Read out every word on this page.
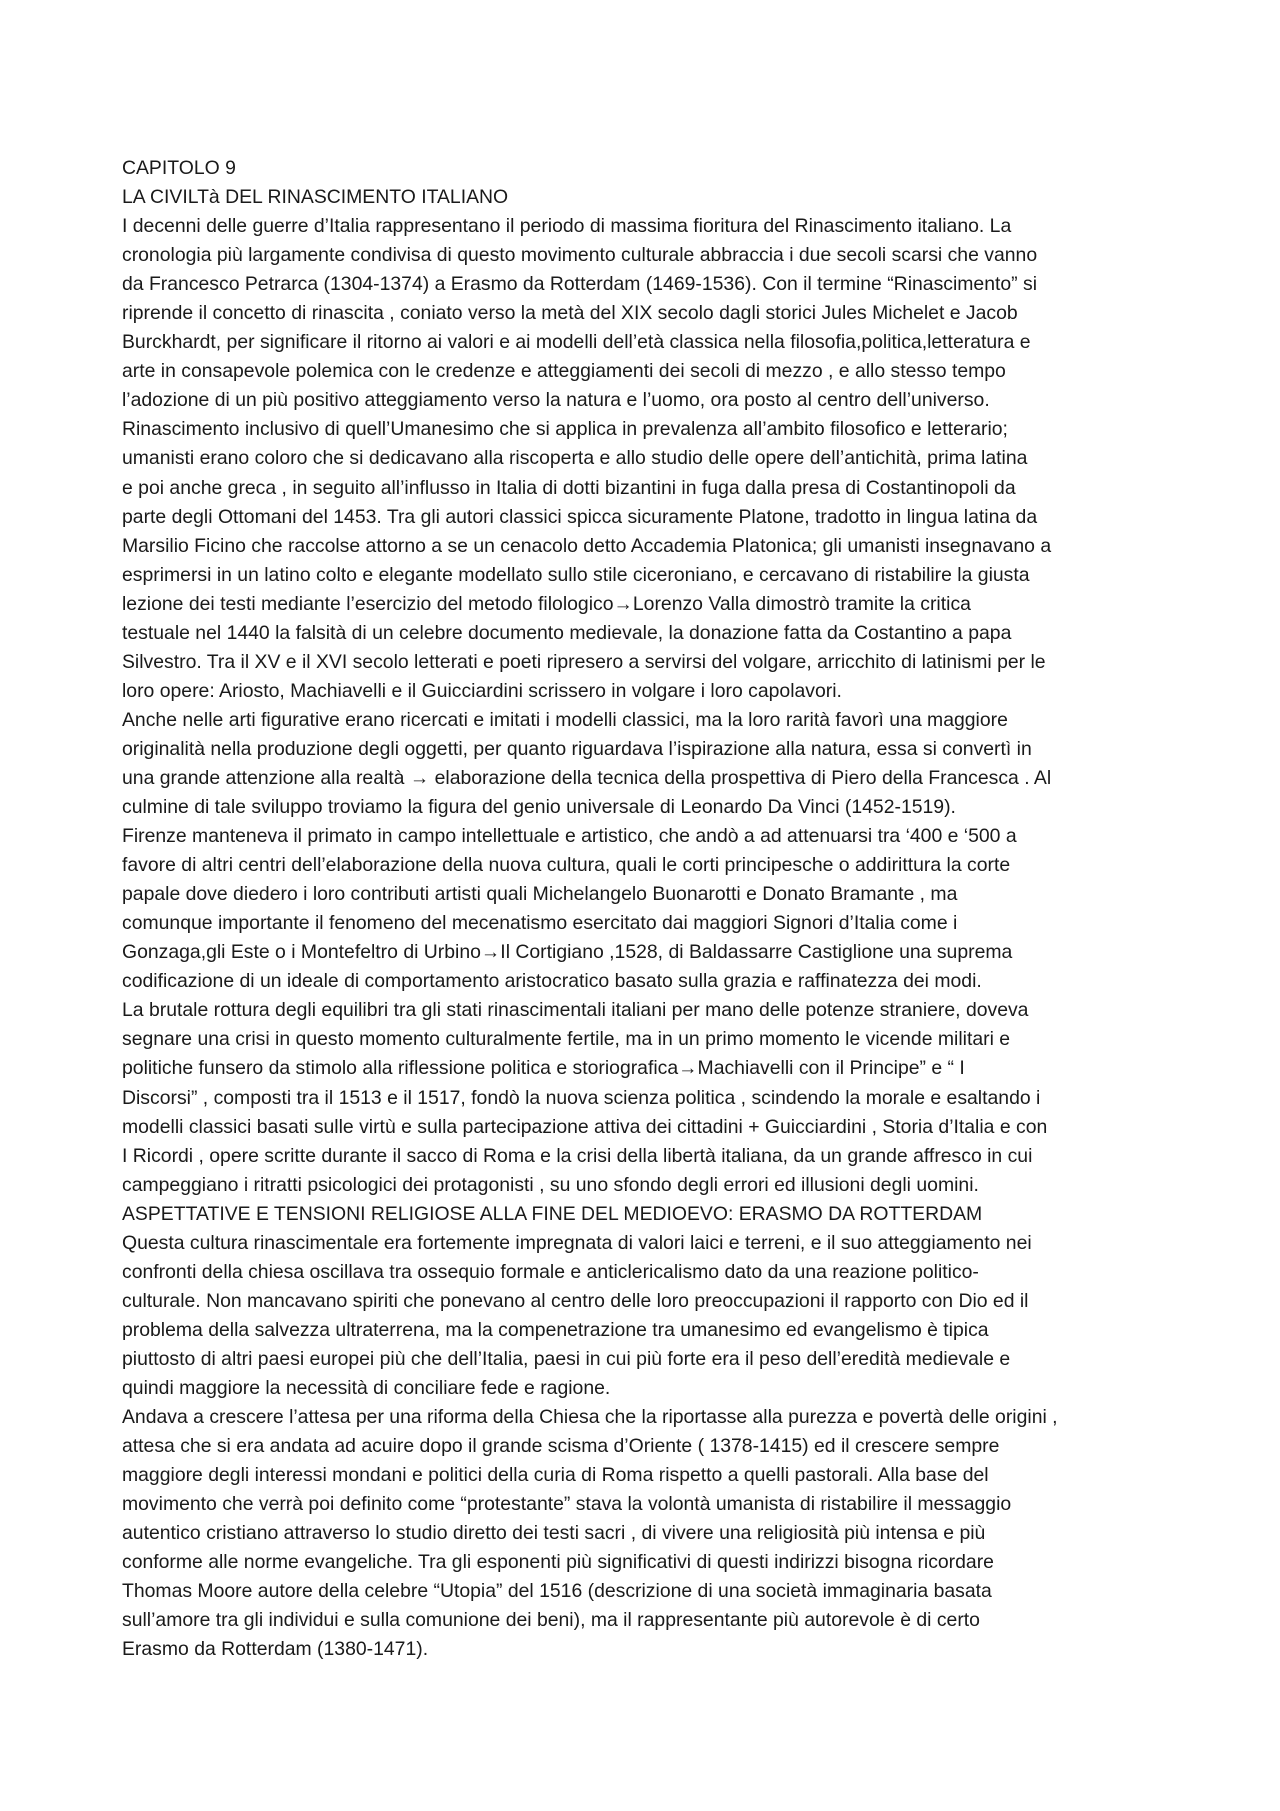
CAPITOLO 9
LA CIVILTà DEL RINASCIMENTO ITALIANO
I decenni delle guerre d’Italia rappresentano il periodo di massima fioritura del Rinascimento italiano. La
cronologia più largamente condivisa di questo movimento culturale abbraccia i due secoli scarsi che vanno
da Francesco Petrarca (1304-1374) a Erasmo da Rotterdam (1469-1536). Con il termine “Rinascimento” si
riprende il concetto di rinascita , coniato verso la metà del XIX secolo dagli storici Jules Michelet e Jacob
Burckhardt, per significare il ritorno ai valori e ai modelli dell’età classica nella filosofia,politica,letteratura e
arte in consapevole polemica con le credenze e atteggiamenti dei secoli di mezzo , e allo stesso tempo
l’adozione di un più positivo atteggiamento verso la natura e l’uomo, ora posto al centro dell’universo.
Rinascimento inclusivo di quell’Umanesimo che si applica in prevalenza all’ambito filosofico e letterario;
umanisti erano coloro che si dedicavano alla riscoperta e allo studio delle opere dell’antichità, prima latina
e poi anche greca , in seguito all’influsso in Italia di dotti bizantini in fuga dalla presa di Costantinopoli da
parte degli Ottomani del 1453. Tra gli autori classici spicca sicuramente Platone, tradotto in lingua latina da
Marsilio Ficino che raccolse attorno a se un cenacolo detto Accademia Platonica; gli umanisti insegnavano a
esprimersi in un latino colto e elegante modellato sullo stile ciceroniano, e cercavano di ristabilire la giusta
lezione dei testi mediante l’esercizio del metodo filologico→Lorenzo Valla dimostrò tramite la critica
testuale nel 1440 la falsità di un celebre documento medievale, la donazione fatta da Costantino a papa
Silvestro. Tra il XV e il XVI secolo letterati e poeti ripresero a servirsi del volgare, arricchito di latinismi per le
loro opere: Ariosto, Machiavelli e il Guicciardini scrissero in volgare i loro capolavori.
Anche nelle arti figurative erano ricercati e imitati i modelli classici, ma la loro rarità favorì una maggiore
originalità nella produzione degli oggetti, per quanto riguardava l’ispirazione alla natura, essa si convertì in
una grande attenzione alla realtà → elaborazione della tecnica della prospettiva di Piero della Francesca . Al
culmine di tale sviluppo troviamo la figura del genio universale di Leonardo Da Vinci (1452-1519).
Firenze manteneva il primato in campo intellettuale e artistico, che andò a ad attenuarsi tra ‘400 e ‘500 a
favore di altri centri dell’elaborazione della nuova cultura, quali le corti principesche o addirittura la corte
papale dove diedero i loro contributi artisti quali Michelangelo Buonarotti e Donato Bramante , ma
comunque importante il fenomeno del mecenatismo esercitato dai maggiori Signori d’Italia come i
Gonzaga,gli Este o i Montefeltro di Urbino→Il Cortigiano ,1528, di Baldassarre Castiglione una suprema
codificazione di un ideale di comportamento aristocratico basato sulla grazia e raffinatezza dei modi.
La brutale rottura degli equilibri tra gli stati rinascimentali italiani per mano delle potenze straniere, doveva
segnare una crisi in questo momento culturalmente fertile, ma in un primo momento le vicende militari e
politiche funsero da stimolo alla riflessione politica e storiografica→Machiavelli con il Principe” e “ I
Discorsi” , composti tra il 1513 e il 1517, fondò la nuova scienza politica , scindendo la morale e esaltando i
modelli classici basati sulle virtù e sulla partecipazione attiva dei cittadini + Guicciardini , Storia d’Italia e con
I Ricordi , opere scritte durante il sacco di Roma e la crisi della libertà italiana, da un grande affresco in cui
campeggiano i ritratti psicologici dei protagonisti , su uno sfondo degli errori ed illusioni degli uomini.
ASPETTATIVE E TENSIONI RELIGIOSE ALLA FINE DEL MEDIOEVO: ERASMO DA ROTTERDAM
Questa cultura rinascimentale era fortemente impregnata di valori laici e terreni, e il suo atteggiamento nei
confronti della chiesa oscillava tra ossequio formale e anticlericalismo dato da una reazione politico-
culturale. Non mancavano spiriti che ponevano al centro delle loro preoccupazioni il rapporto con Dio ed il
problema della salvezza ultraterrena, ma la compenetrazione tra umanesimo ed evangelismo è tipica
piuttosto di altri paesi europei più che dell’Italia, paesi in cui più forte era il peso dell’eredità medievale e
quindi maggiore la necessità di conciliare fede e ragione.
Andava a crescere l’attesa per una riforma della Chiesa che la riportasse alla purezza e povertà delle origini ,
attesa che si era andata ad acuire dopo il grande scisma d’Oriente ( 1378-1415) ed il crescere sempre
maggiore degli interessi mondani e politici della curia di Roma rispetto a quelli pastorali. Alla base del
movimento che verrà poi definito come “protestante” stava la volontà umanista di ristabilire il messaggio
autentico cristiano attraverso lo studio diretto dei testi sacri , di vivere una religiosità più intensa e più
conforme alle norme evangeliche. Tra gli esponenti più significativi di questi indirizzi bisogna ricordare
Thomas Moore autore della celebre “Utopia” del 1516 (descrizione di una società immaginaria basata
sull’amore tra gli individui e sulla comunione dei beni), ma il rappresentante più autorevole è di certo
Erasmo da Rotterdam (1380-1471).
